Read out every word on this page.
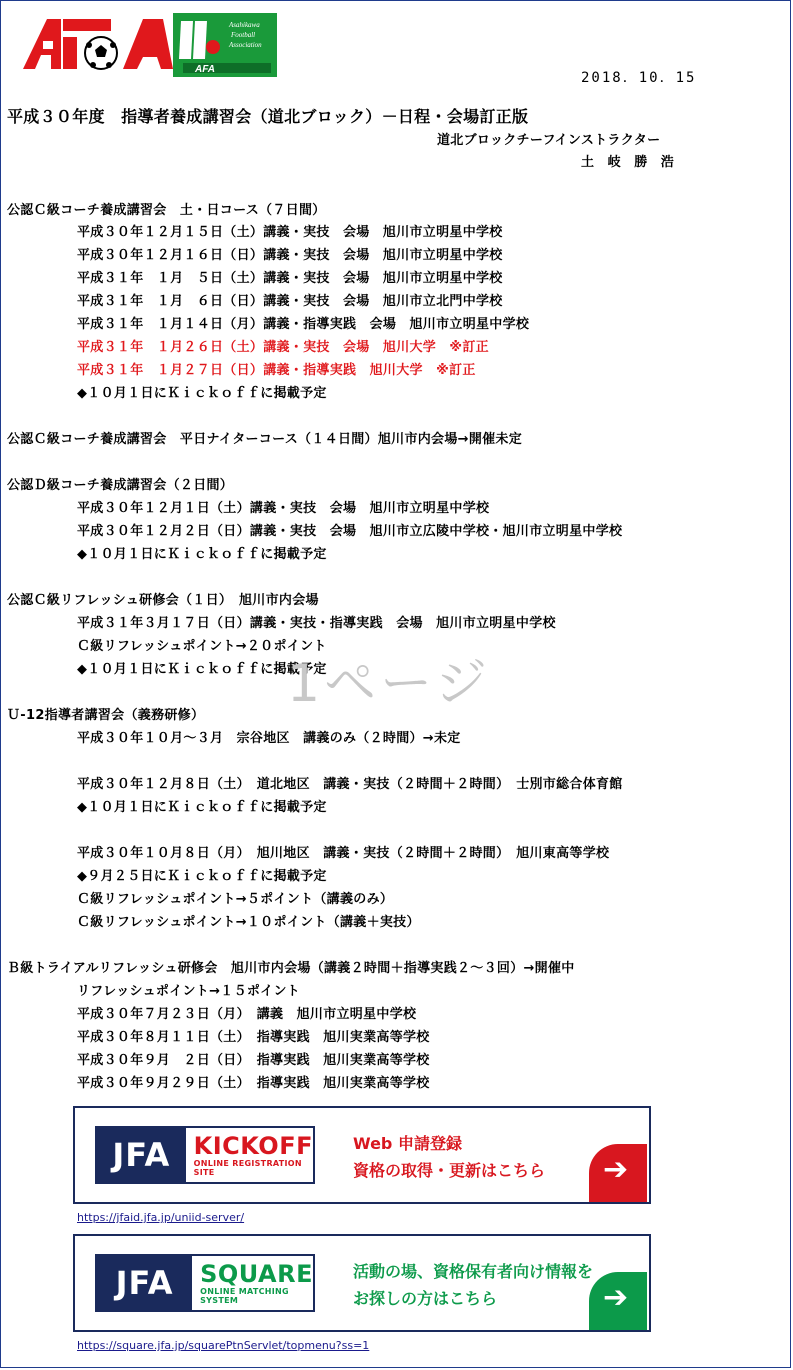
Asahikawa
Football
Association
AFA
2018．10．15
平成３０年度　指導者養成講習会（道北ブロック）－日程・会場訂正版
道北ブロックチーフインストラクター
土　岐　勝　浩
公認Ｃ級コーチ養成講習会　土・日コース（７日間）
平成３０年１２月１５日（土）講義・実技　会場　旭川市立明星中学校
平成３０年１２月１６日（日）講義・実技　会場　旭川市立明星中学校
平成３１年　１月　５日（土）講義・実技　会場　旭川市立明星中学校
平成３１年　１月　６日（日）講義・実技　会場　旭川市立北門中学校
平成３１年　１月１４日（月）講義・指導実践　会場　旭川市立明星中学校
平成３１年　１月２６日（土）講義・実技　会場　旭川大学　※訂正
平成３１年　１月２７日（日）講義・指導実践　旭川大学　※訂正
◆１０月１日にＫｉｃｋｏｆｆに掲載予定
公認Ｃ級コーチ養成講習会　平日ナイターコース（１４日間）旭川市内会場→開催未定
公認Ｄ級コーチ養成講習会（２日間）
平成３０年１２月１日（土）講義・実技　会場　旭川市立明星中学校
平成３０年１２月２日（日）講義・実技　会場　旭川市立広陵中学校・旭川市立明星中学校
◆１０月１日にＫｉｃｋｏｆｆに掲載予定
公認Ｃ級リフレッシュ研修会（１日）　旭川市内会場
平成３１年３月１７日（日）講義・実技・指導実践　会場　旭川市立明星中学校
Ｃ級リフレッシュポイント→２０ポイント
◆１０月１日にＫｉｃｋｏｆｆに掲載予定
Ｕ-12指導者講習会（義務研修）
平成３０年１０月～３月　宗谷地区　講義のみ（２時間）→未定
平成３０年１２月８日（土）　道北地区　講義・実技（２時間＋２時間）　士別市総合体育館
◆１０月１日にＫｉｃｋｏｆｆに掲載予定
平成３０年１０月８日（月）　旭川地区　講義・実技（２時間＋２時間）　旭川東高等学校
◆９月２５日にＫｉｃｋｏｆｆに掲載予定
Ｃ級リフレッシュポイント→５ポイント（講義のみ）
Ｃ級リフレッシュポイント→１０ポイント（講義＋実技）
Ｂ級トライアルリフレッシュ研修会　旭川市内会場（講義２時間＋指導実践２～３回）→開催中
リフレッシュポイント→１５ポイント
平成３０年７月２３日（月）　講義　旭川市立明星中学校
平成３０年８月１１日（土）　指導実践　旭川実業高等学校
平成３０年９月　２日（日）　指導実践　旭川実業高等学校
平成３０年９月２９日（土）　指導実践　旭川実業高等学校
1ページ
JFA KICKOFF
ONLINE REGISTRATION SITE
Web 申請登録
資格の取得・更新はこちら ➔
https://jfaid.jfa.jp/uniid-server/
JFA	SQUARE
ONLINE MATCHING SYSTEM
活動の場、資格保有者向け情報を
お探しの方はこちら	➔
https://square.jfa.jp/squarePtnServlet/topmenu?ss=1
